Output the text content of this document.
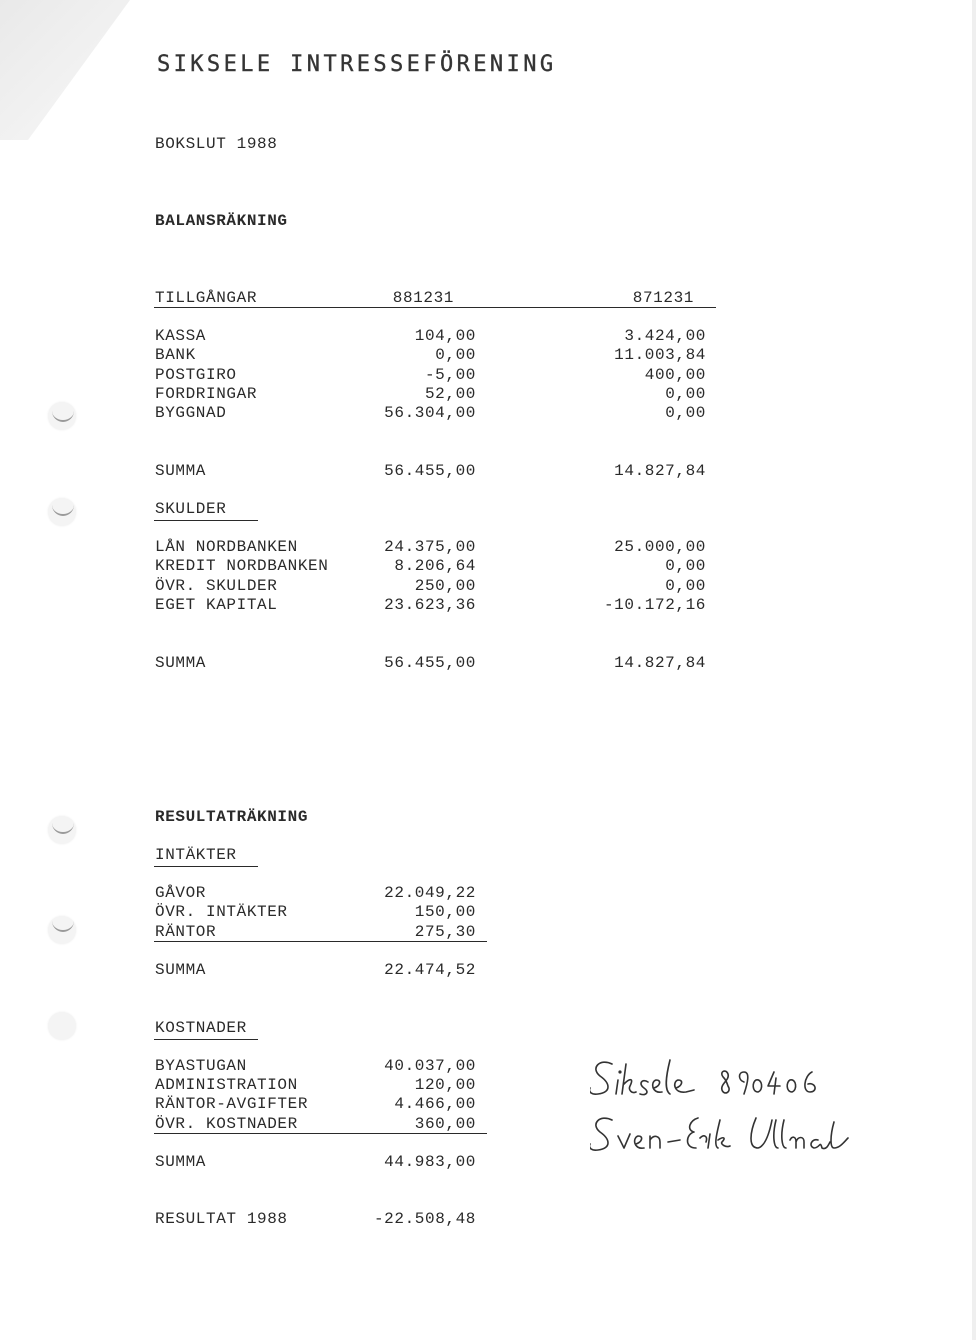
SIKSELE INTRESSEFÖRENING
BOKSLUT 1988
BALANSRÄKNING
TILLGÅNGAR	881231	871231
KASSA	104,00	3.424,00
BANK	0,00	11.003,84
POSTGIRO	-5,00	400,00
FORDRINGAR	52,00	0,00
BYGGNAD	56.304,00	0,00
SUMMA	56.455,00	14.827,84
SKULDER
LÅN NORDBANKEN	24.375,00	25.000,00
KREDIT NORDBANKEN	8.206,64	0,00
ÖVR. SKULDER	250,00	0,00
EGET KAPITAL	23.623,36	-10.172,16
SUMMA	56.455,00	14.827,84
RESULTATRÄKNING
INTÄKTER
GÅVOR	22.049,22
ÖVR. INTÄKTER	150,00
RÄNTOR	275,30
SUMMA	22.474,52
KOSTNADER
BYASTUGAN	40.037,00
ADMINISTRATION	120,00
RÄNTOR-AVGIFTER	4.466,00
ÖVR. KOSTNADER	360,00
SUMMA	44.983,00
RESULTAT 1988	-22.508,48
